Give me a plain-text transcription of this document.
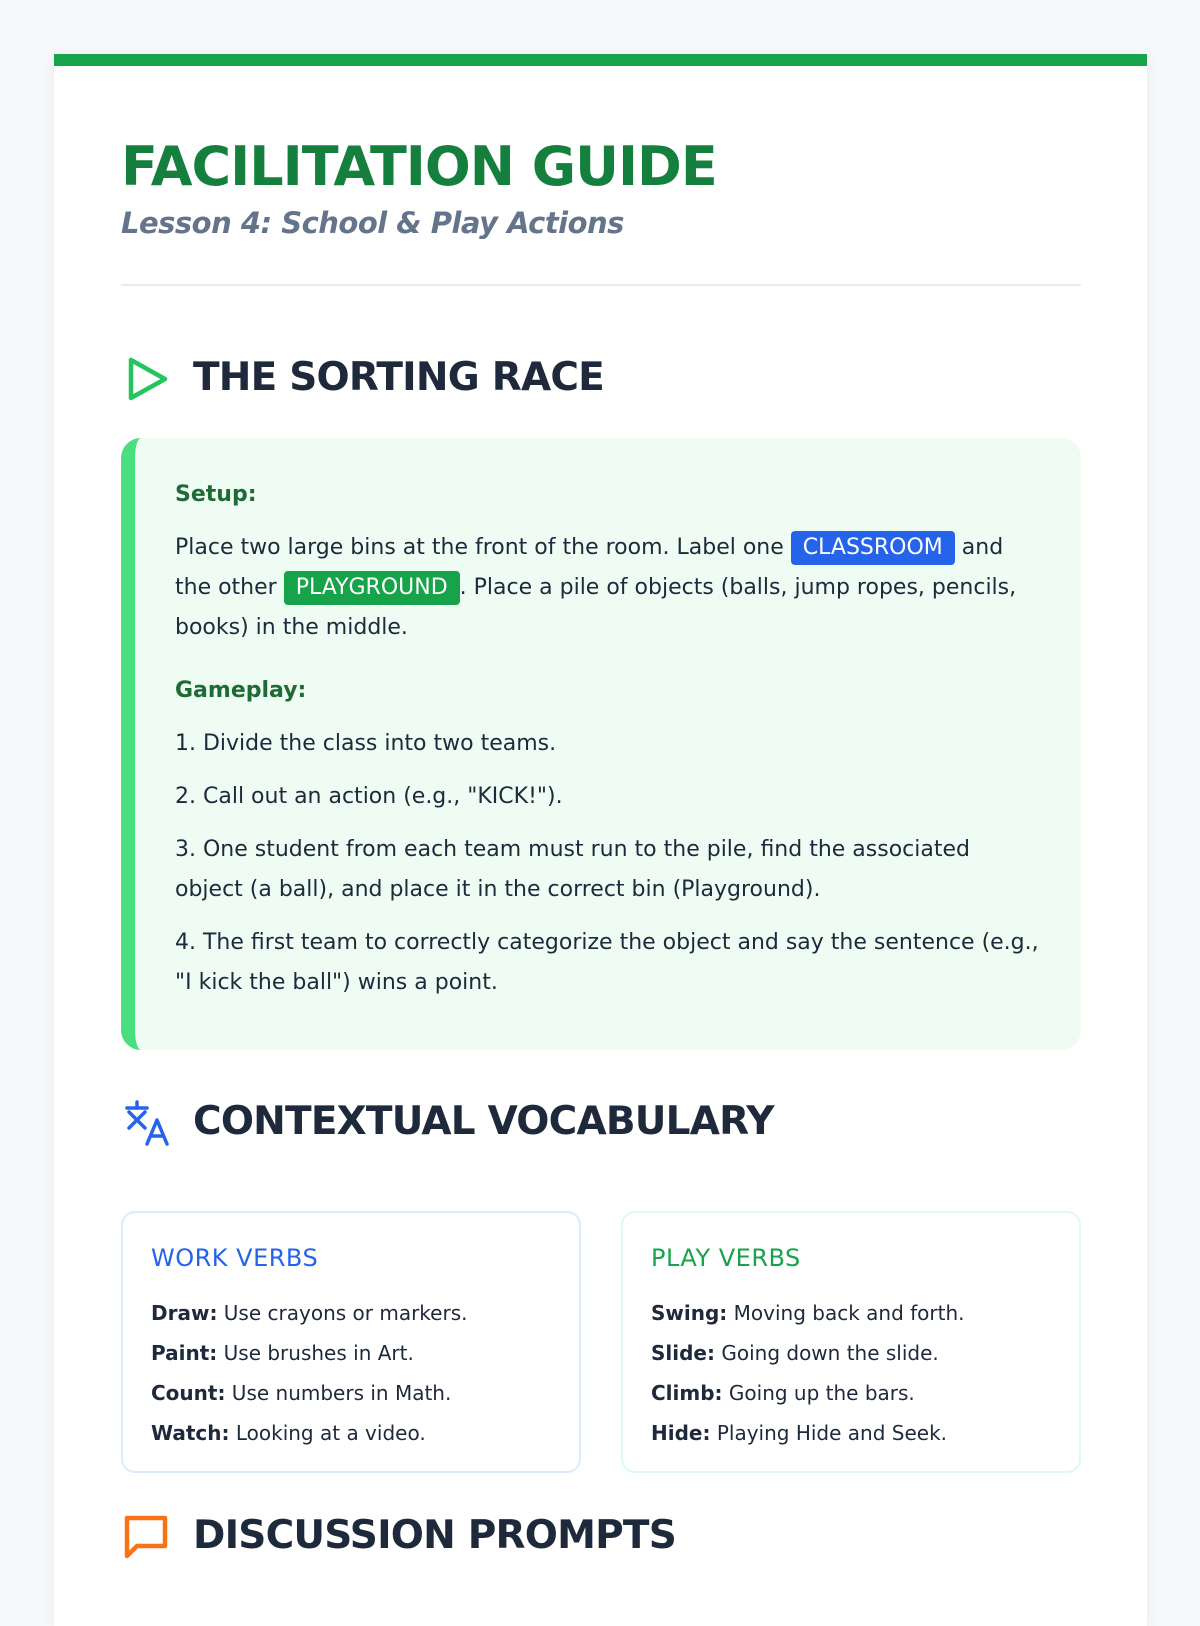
FACILITATION GUIDE
Lesson 4: School & Play Actions
THE SORTING RACE
Setup:

Place two large bins at the front of the room. Label one CLASSROOM and the other PLAYGROUND . Place a pile of objects (balls, jump ropes, pencils, books) in the middle.

Gameplay:

1. Divide the class into two teams.

2. Call out an action (e.g., "KICK!").

3. One student from each team must run to the pile, find the associated object (a ball), and place it in the correct bin (Playground).

4. The first team to correctly categorize the object and say the sentence (e.g., "I kick the ball") wins a point.

CONTEXTUAL VOCABULARY
WORK VERBS
Draw: Use crayons or markers.
Paint: Use brushes in Art.
Count: Use numbers in Math.
Watch: Looking at a video.
PLAY VERBS
Swing: Moving back and forth.
Slide: Going down the slide.
Climb: Going up the bars.
Hide: Playing Hide and Seek.
DISCUSSION PROMPTS
